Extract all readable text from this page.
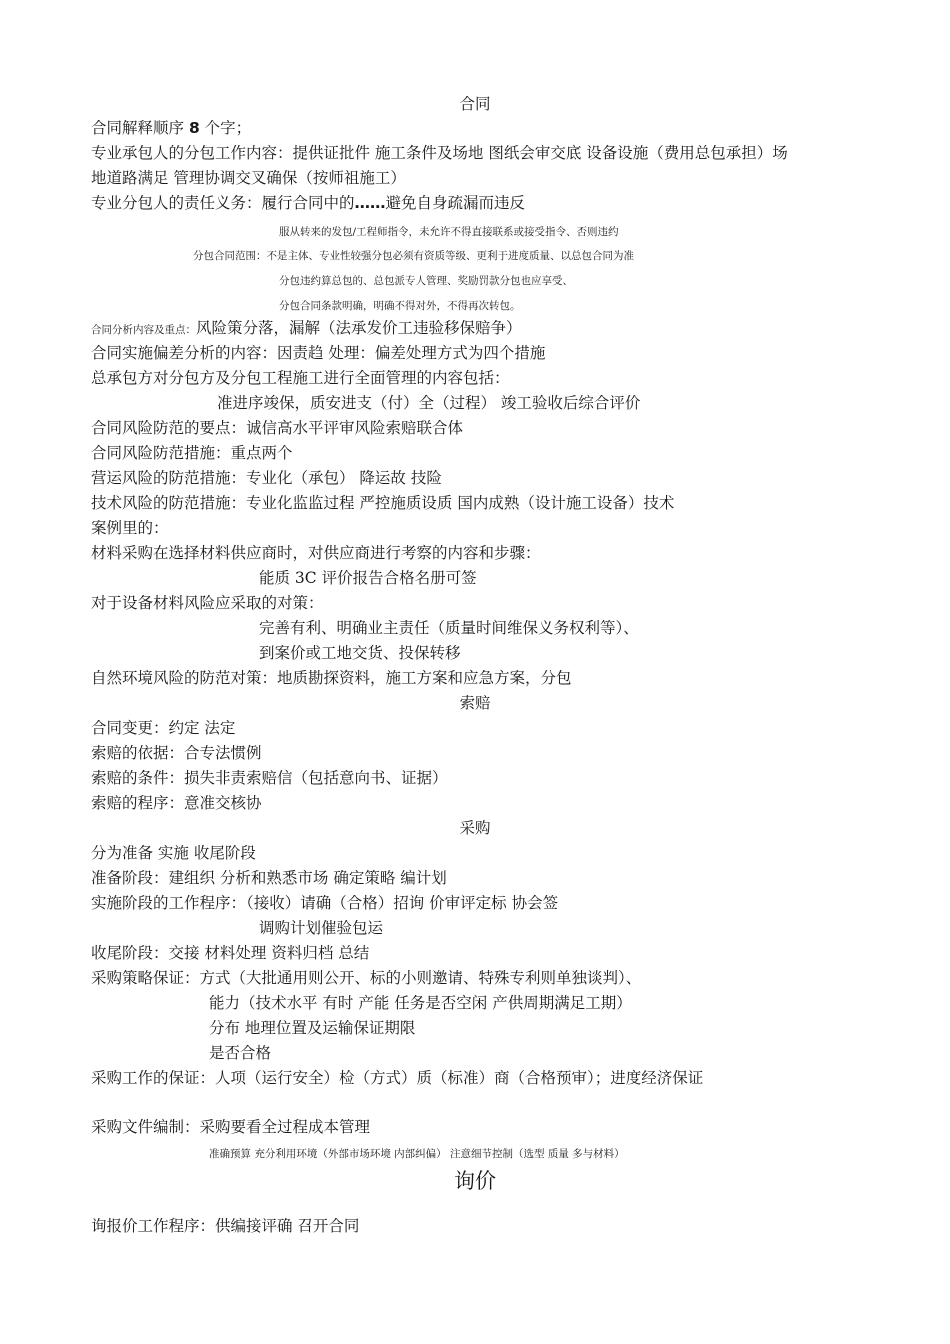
合同
合同解释顺序 8 个字；
专业承包人的分包工作内容：提供证批件 施工条件及场地 图纸会审交底 设备设施（费用总包承担）场
地道路满足 管理协调交叉确保（按师祖施工）
专业分包人的责任义务：履行合同中的……避免自身疏漏而违反
服从转来的发包/工程师指令，未允许不得直接联系或接受指令、否则违约
分包合同范围：不是主体、专业性较强分包必须有资质等级、更利于进度质量、以总包合同为准
分包违约算总包的、总包派专人管理、奖励罚款分包也应享受、
分包合同条款明确，明确不得对外，不得再次转包。
合同分析内容及重点：风险策分落，漏解（法承发价工违验移保赔争）
合同实施偏差分析的内容：因责趋 处理：偏差处理方式为四个措施
总承包方对分包方及分包工程施工进行全面管理的内容包括：
准进序竣保，质安进支（付）全（过程） 竣工验收后综合评价
合同风险防范的要点：诚信高水平评审风险索赔联合体
合同风险防范措施：重点两个
营运风险的防范措施：专业化（承包） 降运故 技险
技术风险的防范措施：专业化监监过程 严控施质设质 国内成熟（设计施工设备）技术
案例里的：
材料采购在选择材料供应商时，对供应商进行考察的内容和步骤：
能质 3C 评价报告合格名册可签
对于设备材料风险应采取的对策：
完善有利、明确业主责任（质量时间维保义务权利等）、
到案价或工地交货、投保转移
自然环境风险的防范对策：地质勘探资料，施工方案和应急方案，分包
索赔
合同变更：约定 法定
索赔的依据：合专法惯例
索赔的条件：损失非责索赔信（包括意向书、证据）
索赔的程序：意准交核协
采购
分为准备 实施 收尾阶段
准备阶段：建组织 分析和熟悉市场 确定策略 编计划
实施阶段的工作程序：（接收）请确（合格）招询 价审评定标 协会签
调购计划催验包运
收尾阶段：交接 材料处理 资料归档 总结
采购策略保证：方式（大批通用则公开、标的小则邀请、特殊专利则单独谈判）、
能力（技术水平 有时 产能 任务是否空闲 产供周期满足工期）
分布 地理位置及运输保证期限
是否合格
采购工作的保证：人项（运行安全）检（方式）质（标准）商（合格预审）；进度经济保证
采购文件编制：采购要看全过程成本管理
准确预算 充分利用环境（外部市场环境 内部纠偏） 注意细节控制（选型 质量 多与材料）
询价
询报价工作程序：供编接评确 召开合同
